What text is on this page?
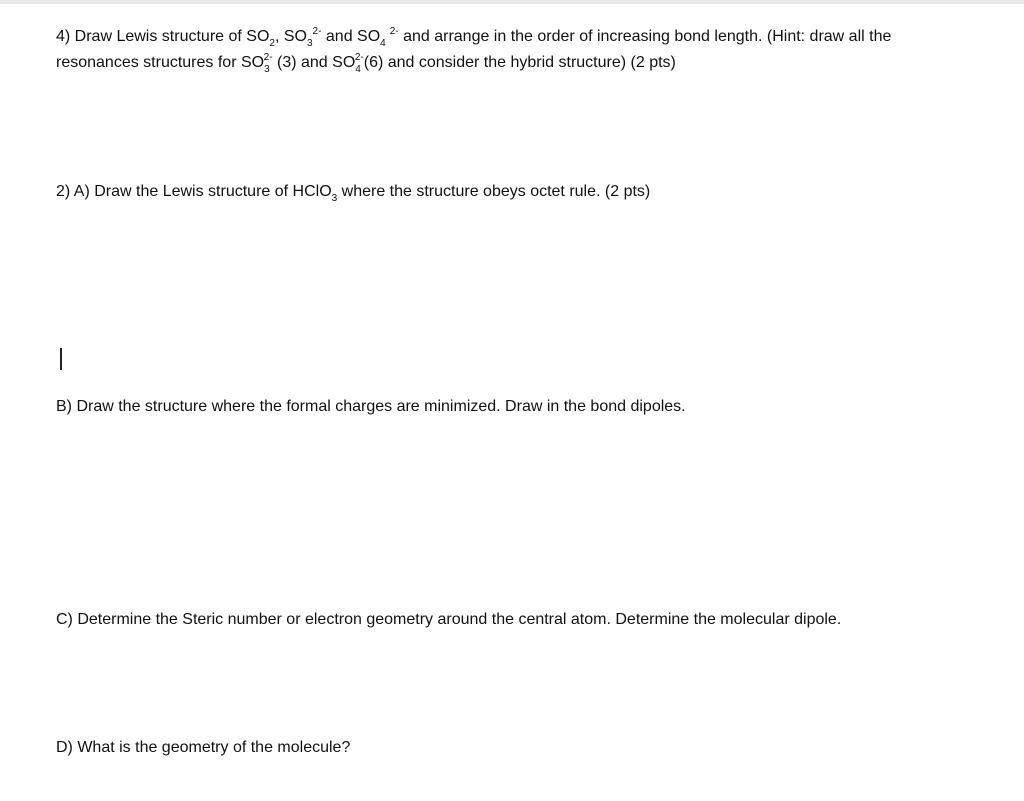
4) Draw Lewis structure of $SO_2$, $SO_3^{2-}$ and $SO_4^{2-}$ and arrange in the order of increasing bond length. (Hint: draw all the
resonances structures for $SO_3^{2-}$ (3) and $SO_4^{2-}(6)$ and consider the hybrid structure) (2 pts)
2) A) Draw the Lewis structure of HClO$_3$ where the structure obeys octet rule. (2 pts)
B) Draw the structure where the formal charges are minimized. Draw in the bond dipoles.
C) Determine the Steric number or electron geometry around the central atom. Determine the molecular dipole.
D) What is the geometry of the molecule?
